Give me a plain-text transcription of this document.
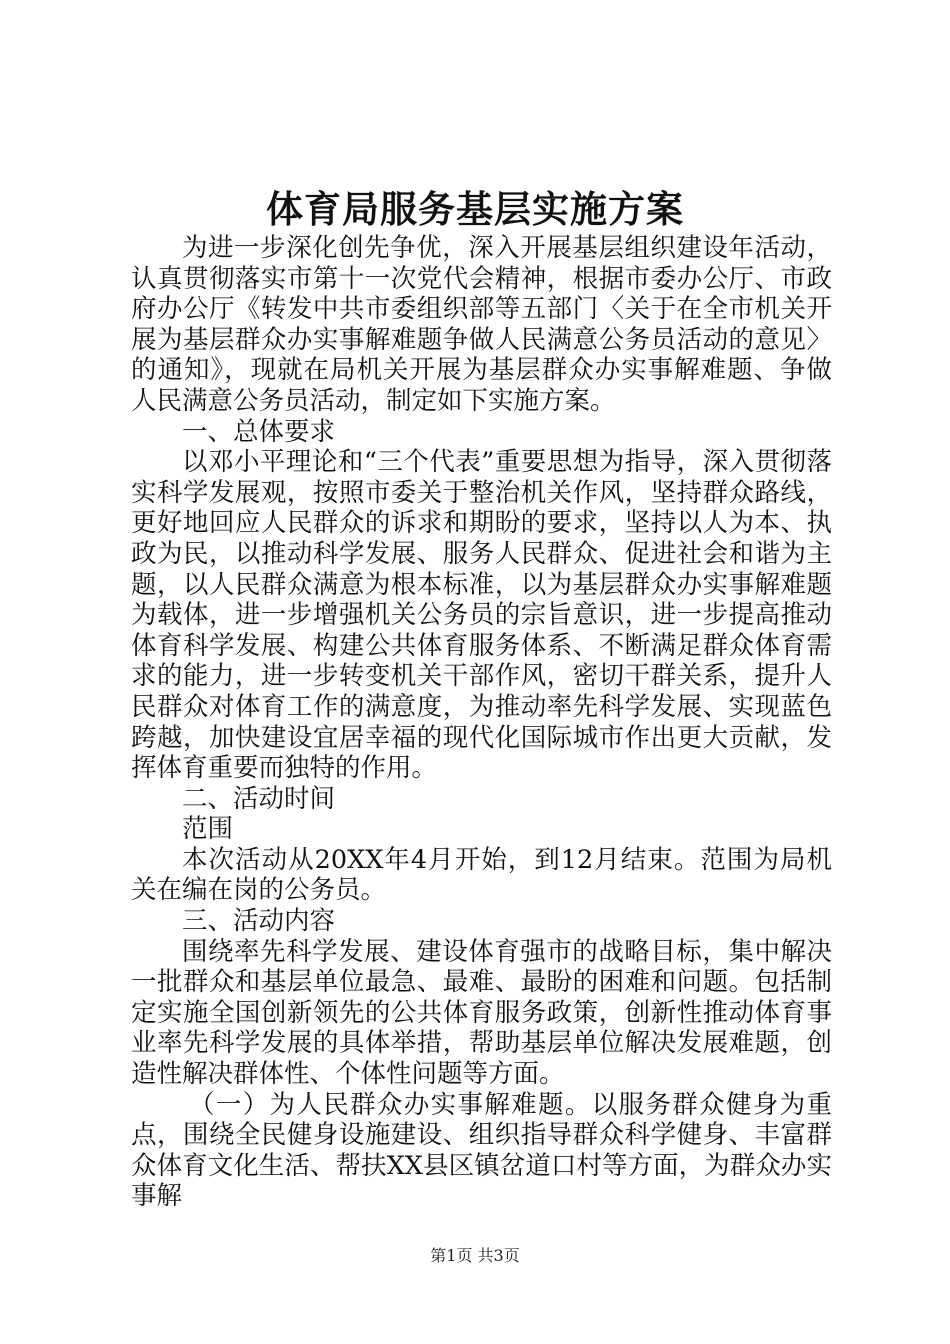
体育局服务基层实施方案

为进一步深化创先争优，深入开展基层组织建设年活动，认真贯彻落实市第十一次党代会精神，根据市委办公厅、市政府办公厅《转发中共市委组织部等五部门〈关于在全市机关开展为基层群众办实事解难题争做人民满意公务员活动的意见〉的通知》，现就在局机关开展为基层群众办实事解难题、争做人民满意公务员活动，制定如下实施方案。

一、总体要求

以邓小平理论和“三个代表”重要思想为指导，深入贯彻落实科学发展观，按照市委关于整治机关作风，坚持群众路线，更好地回应人民群众的诉求和期盼的要求，坚持以人为本、执政为民，以推动科学发展、服务人民群众、促进社会和谐为主题，以人民群众满意为根本标准，以为基层群众办实事解难题为载体，进一步增强机关公务员的宗旨意识，进一步提高推动体育科学发展、构建公共体育服务体系、不断满足群众体育需求的能力，进一步转变机关干部作风，密切干群关系，提升人民群众对体育工作的满意度，为推动率先科学发展、实现蓝色跨越，加快建设宜居幸福的现代化国际城市作出更大贡献，发挥体育重要而独特的作用。

二、活动时间

范围

本次活动从20XX年4月开始，到12月结束。范围为局机关在编在岗的公务员。

三、活动内容

围绕率先科学发展、建设体育强市的战略目标，集中解决一批群众和基层单位最急、最难、最盼的困难和问题。包括制定实施全国创新领先的公共体育服务政策，创新性推动体育事业率先科学发展的具体举措，帮助基层单位解决发展难题，创造性解决群体性、个体性问题等方面。

（一）为人民群众办实事解难题。以服务群众健身为重点，围绕全民健身设施建设、组织指导群众科学健身、丰富群众体育文化生活、帮扶XX县区镇岔道口村等方面，为群众办实事解

第1页 共3页
